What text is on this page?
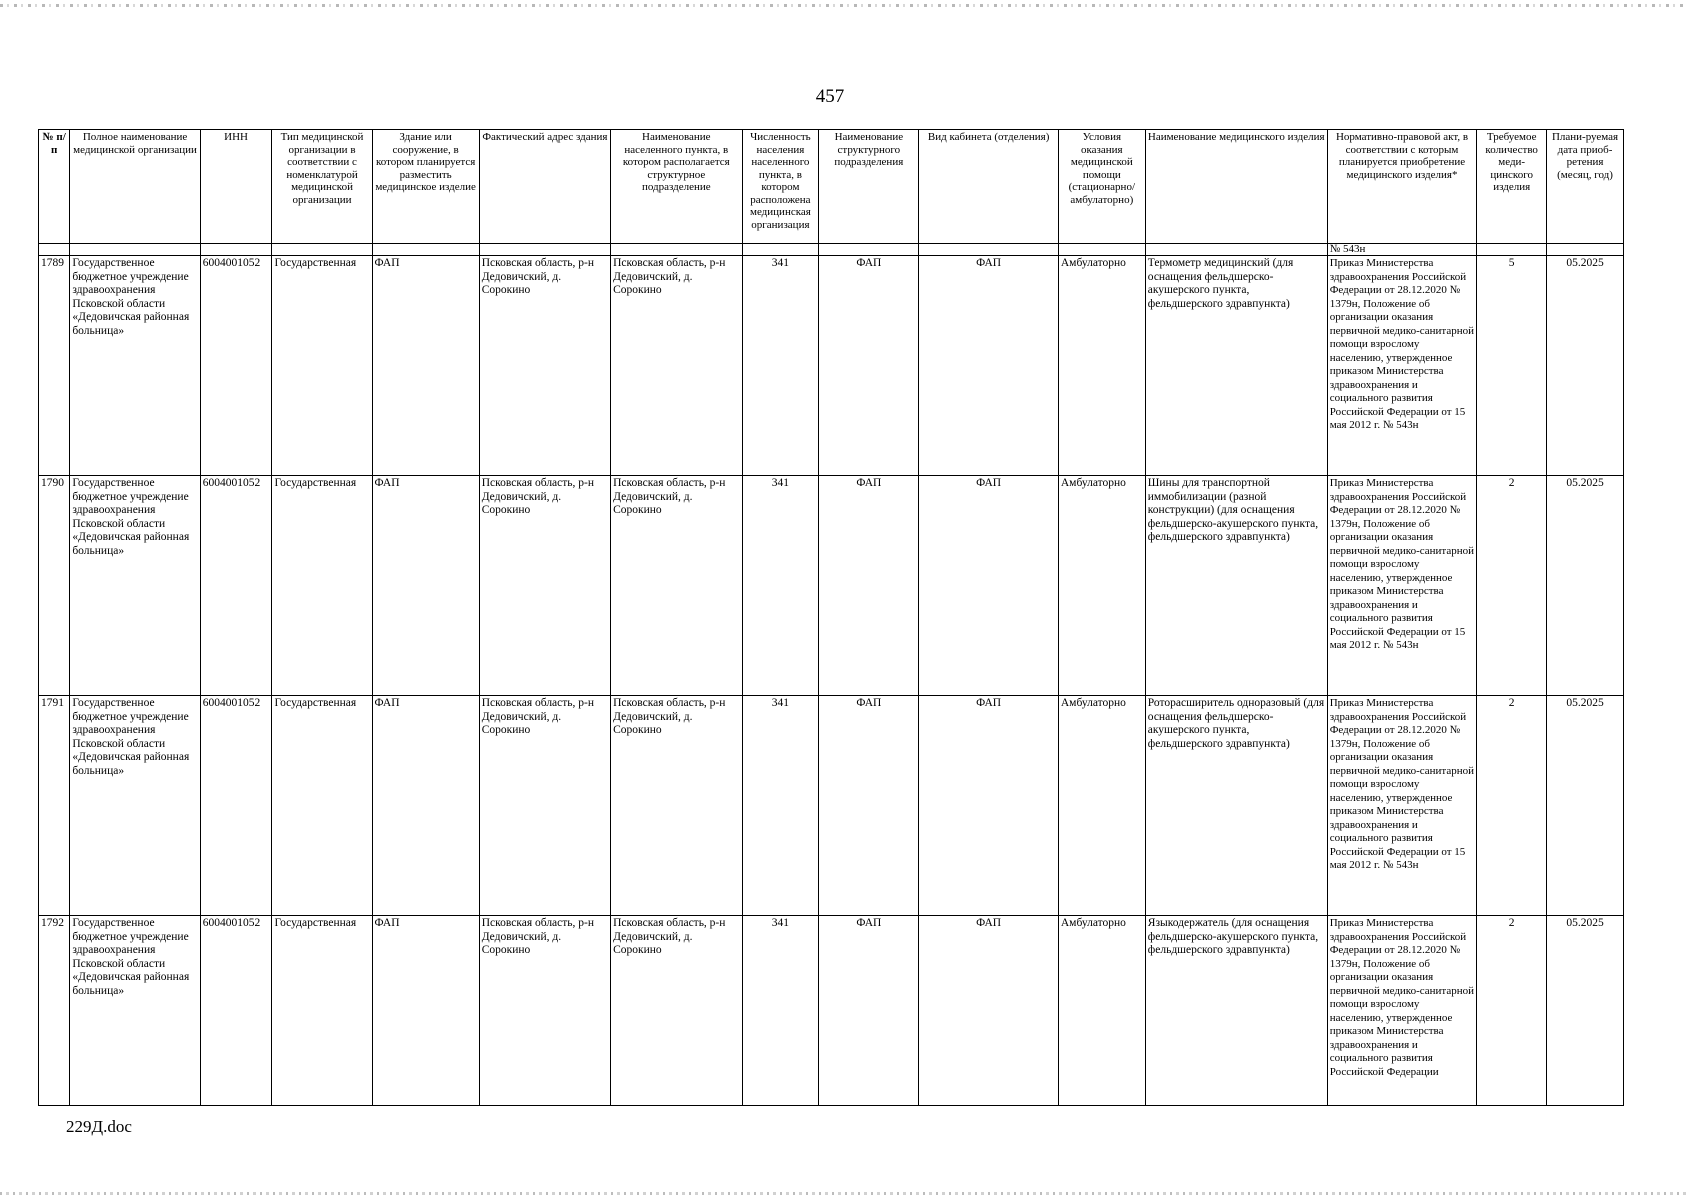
457
№ п/п	Полное наименование медицинской организации	ИНН	Тип медицинской организации в соответствии с номенклатурой медицинской организации	Здание или сооружение, в котором планируется разместить медицинское изделие	Фактический адрес здания	Наименование населенного пункта, в котором располагается структурное подразделение	Численность населения населенного пункта, в котором расположена медицинская организация	Наименование структурного подразделения	Вид кабинета (отделения)	Условия оказания медицинской помощи (стационарно/ амбулаторно)	Наименование медицинского изделия	Нормативно-правовой акт, в соответствии с которым планируется приобретение медицинского изделия*	Требуемое количество меди-цинского изделия	Плани-руемая дата приоб-ретения (месяц, год)
												№ 543н		
1789	Государственное бюджетное учреждение здравоохранения Псковской области «Дедовичская районная больница»	6004001052	Государственная	ФАП	Псковская область, р-н Дедовичский, д. Сорокино	Псковская область, р-н Дедовичский, д. Сорокино	341	ФАП	ФАП	Амбулаторно	Термометр медицинский (для оснащения фельдшерско-акушерского пункта, фельдшерского здравпункта)	Приказ Министерства здравоохранения Российской Федерации от 28.12.2020 № 1379н, Положение об организации оказания первичной медико-санитарной помощи взрослому населению, утвержденное приказом Министерства здравоохранения и социального развития Российской Федерации от 15 мая 2012 г. № 543н	5	05.2025
1790	Государственное бюджетное учреждение здравоохранения Псковской области «Дедовичская районная больница»	6004001052	Государственная	ФАП	Псковская область, р-н Дедовичский, д. Сорокино	Псковская область, р-н Дедовичский, д. Сорокино	341	ФАП	ФАП	Амбулаторно	Шины для транспортной иммобилизации (разной конструкции) (для оснащения фельдшерско-акушерского пункта, фельдшерского здравпункта)	Приказ Министерства здравоохранения Российской Федерации от 28.12.2020 № 1379н, Положение об организации оказания первичной медико-санитарной помощи взрослому населению, утвержденное приказом Министерства здравоохранения и социального развития Российской Федерации от 15 мая 2012 г. № 543н	2	05.2025
1791	Государственное бюджетное учреждение здравоохранения Псковской области «Дедовичская районная больница»	6004001052	Государственная	ФАП	Псковская область, р-н Дедовичский, д. Сорокино	Псковская область, р-н Дедовичский, д. Сорокино	341	ФАП	ФАП	Амбулаторно	Роторасширитель одноразовый (для оснащения фельдшерско-акушерского пункта, фельдшерского здравпункта)	Приказ Министерства здравоохранения Российской Федерации от 28.12.2020 № 1379н, Положение об организации оказания первичной медико-санитарной помощи взрослому населению, утвержденное приказом Министерства здравоохранения и социального развития Российской Федерации от 15 мая 2012 г. № 543н	2	05.2025
1792	Государственное бюджетное учреждение здравоохранения Псковской области «Дедовичская районная больница»	6004001052	Государственная	ФАП	Псковская область, р-н Дедовичский, д. Сорокино	Псковская область, р-н Дедовичский, д. Сорокино	341	ФАП	ФАП	Амбулаторно	Языкодержатель (для оснащения фельдшерско-акушерского пункта, фельдшерского здравпункта)	Приказ Министерства здравоохранения Российской Федерации от 28.12.2020 № 1379н, Положение об организации оказания первичной медико-санитарной помощи взрослому населению, утвержденное приказом Министерства здравоохранения и социального развития Российской Федерации	2	05.2025
229Д.doc
